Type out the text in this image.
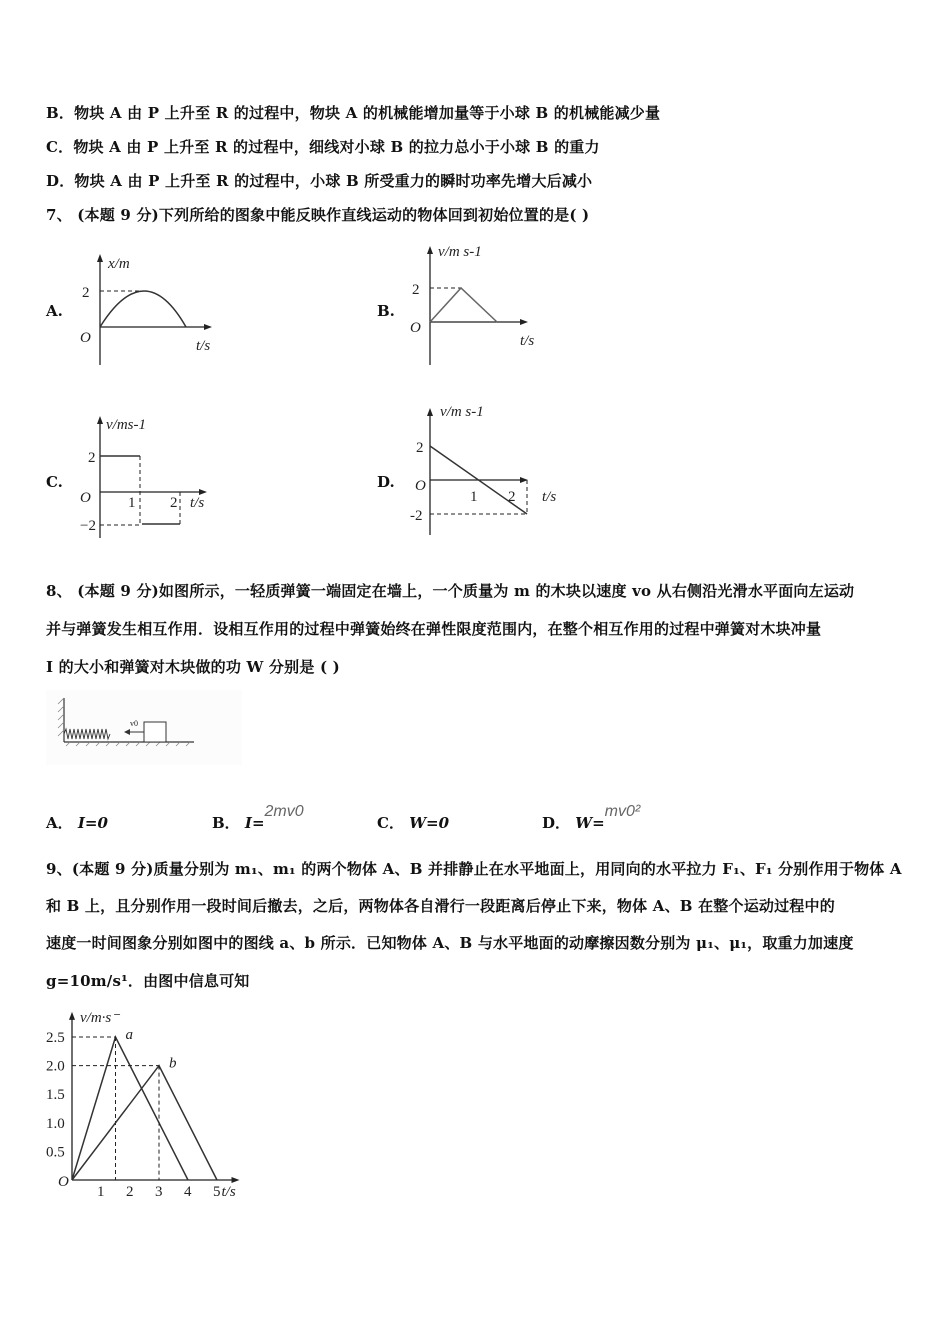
B．物块 A 由 P 上升至 R 的过程中，物块 A 的机械能增加量等于小球 B 的机械能减少量
C．物块 A 由 P 上升至 R 的过程中，细线对小球 B 的拉力总小于小球 B 的重力
D．物块 A 由 P 上升至 R 的过程中，小球 B 所受重力的瞬时功率先增大后减小
7、 (本题 9 分)下列所给的图象中能反映作直线运动的物体回到初始位置的是( )
A.
x/m
2
O	t/s
B.
v/m s-1
2
O
t/s
C.
v/ms-1
2
−2
1 2
O	t/s
D.
v/m s-1
2
-2
1 2
O
t/s
8、 (本题 9 分)如图所示，一轻质弹簧一端固定在墙上，一个质量为 m 的木块以速度 vo 从右侧沿光滑水平面向左运动
并与弹簧发生相互作用．设相互作用的过程中弹簧始终在弹性限度范围内，在整个相互作用的过程中弹簧对木块冲量
I 的大小和弹簧对木块做的功 W 分别是 ( )
v0
A． I=0	B． I=2mv0
C． W=0	D． W=mv0²
9、(本题 9 分)质量分别为 m₁、m₁ 的两个物体 A、B 并排静止在水平地面上，用同向的水平拉力 F₁、F₁ 分别作用于物体 A
和 B 上，且分别作用一段时间后撤去，之后，两物体各自滑行一段距离后停止下来，物体 A、B 在整个运动过程中的
速度一时间图象分别如图中的图线 a、b 所示．已知物体 A、B 与水平地面的动摩擦因数分别为 μ₁、μ₁，取重力加速度
g=10m/s¹．由图中信息可知
0.5
1.0
1.5
2.0
2.5
1 2 3 4 5
O
t/s
v/m·s⁻
a
b
